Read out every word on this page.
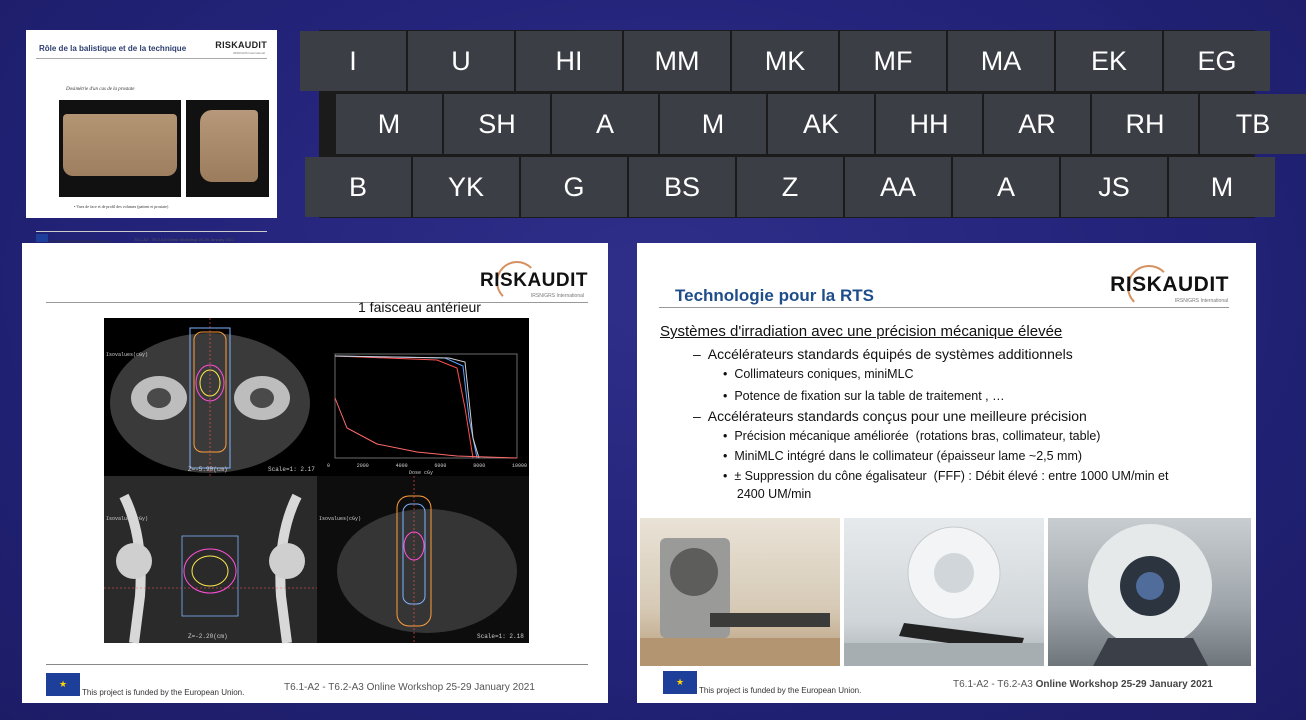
Rôle de la balistique et de la technique	RISKAUDIT
IRSN/GRS International
Dosimétrie d'un cas de la prostate
• Vues de face et de profil des volumes (patient et prostate)
This project is funded by the European Union	T6.1-A2 - T6.2-A3 Online Workshop 25-29 January 2021
I	U	HI	MM	MK	MF	MA	EK	EG
M	SH	A	M	AK	HH	AR	RH	TB
B	YK	G	BS	Z	AA	A	JS	M
RISKAUDIT
IRSN/GRS International
1 faisceau antérieur
Isovalues(cGy)
Z=-5.90(cm)	Scale=1: 2.17 0	2000	4000	6000	8000	10000
Dose cGy
Isovalues(cGy)
Z=-2.20(cm)
Isovalues(cGy)
Scale=1: 2.18
★
This project is funded by the European Union.	T6.1-A2 - T6.2-A3 Online Workshop 25-29 January 2021
RISKAUDIT
IRSN/GRS International
Technologie pour la RTS
Systèmes d'irradiation avec une précision mécanique élevée
–  Accélérateurs standards équipés de systèmes additionnels
•  Collimateurs coniques, miniMLC
•  Potence de fixation sur la table de traitement , …
–  Accélérateurs standards conçus pour une meilleure précision
•  Précision mécanique améliorée  (rotations bras, collimateur, table)
•  MiniMLC intégré dans le collimateur (épaisseur lame ~2,5 mm)
•  ± Suppression du cône égalisateur  (FFF) : Débit élevé : entre 1000 UM/min et
2400 UM/min
★
This project is funded by the European Union.
T6.1-A2 - T6.2-A3 Online Workshop 25-29 January 2021
